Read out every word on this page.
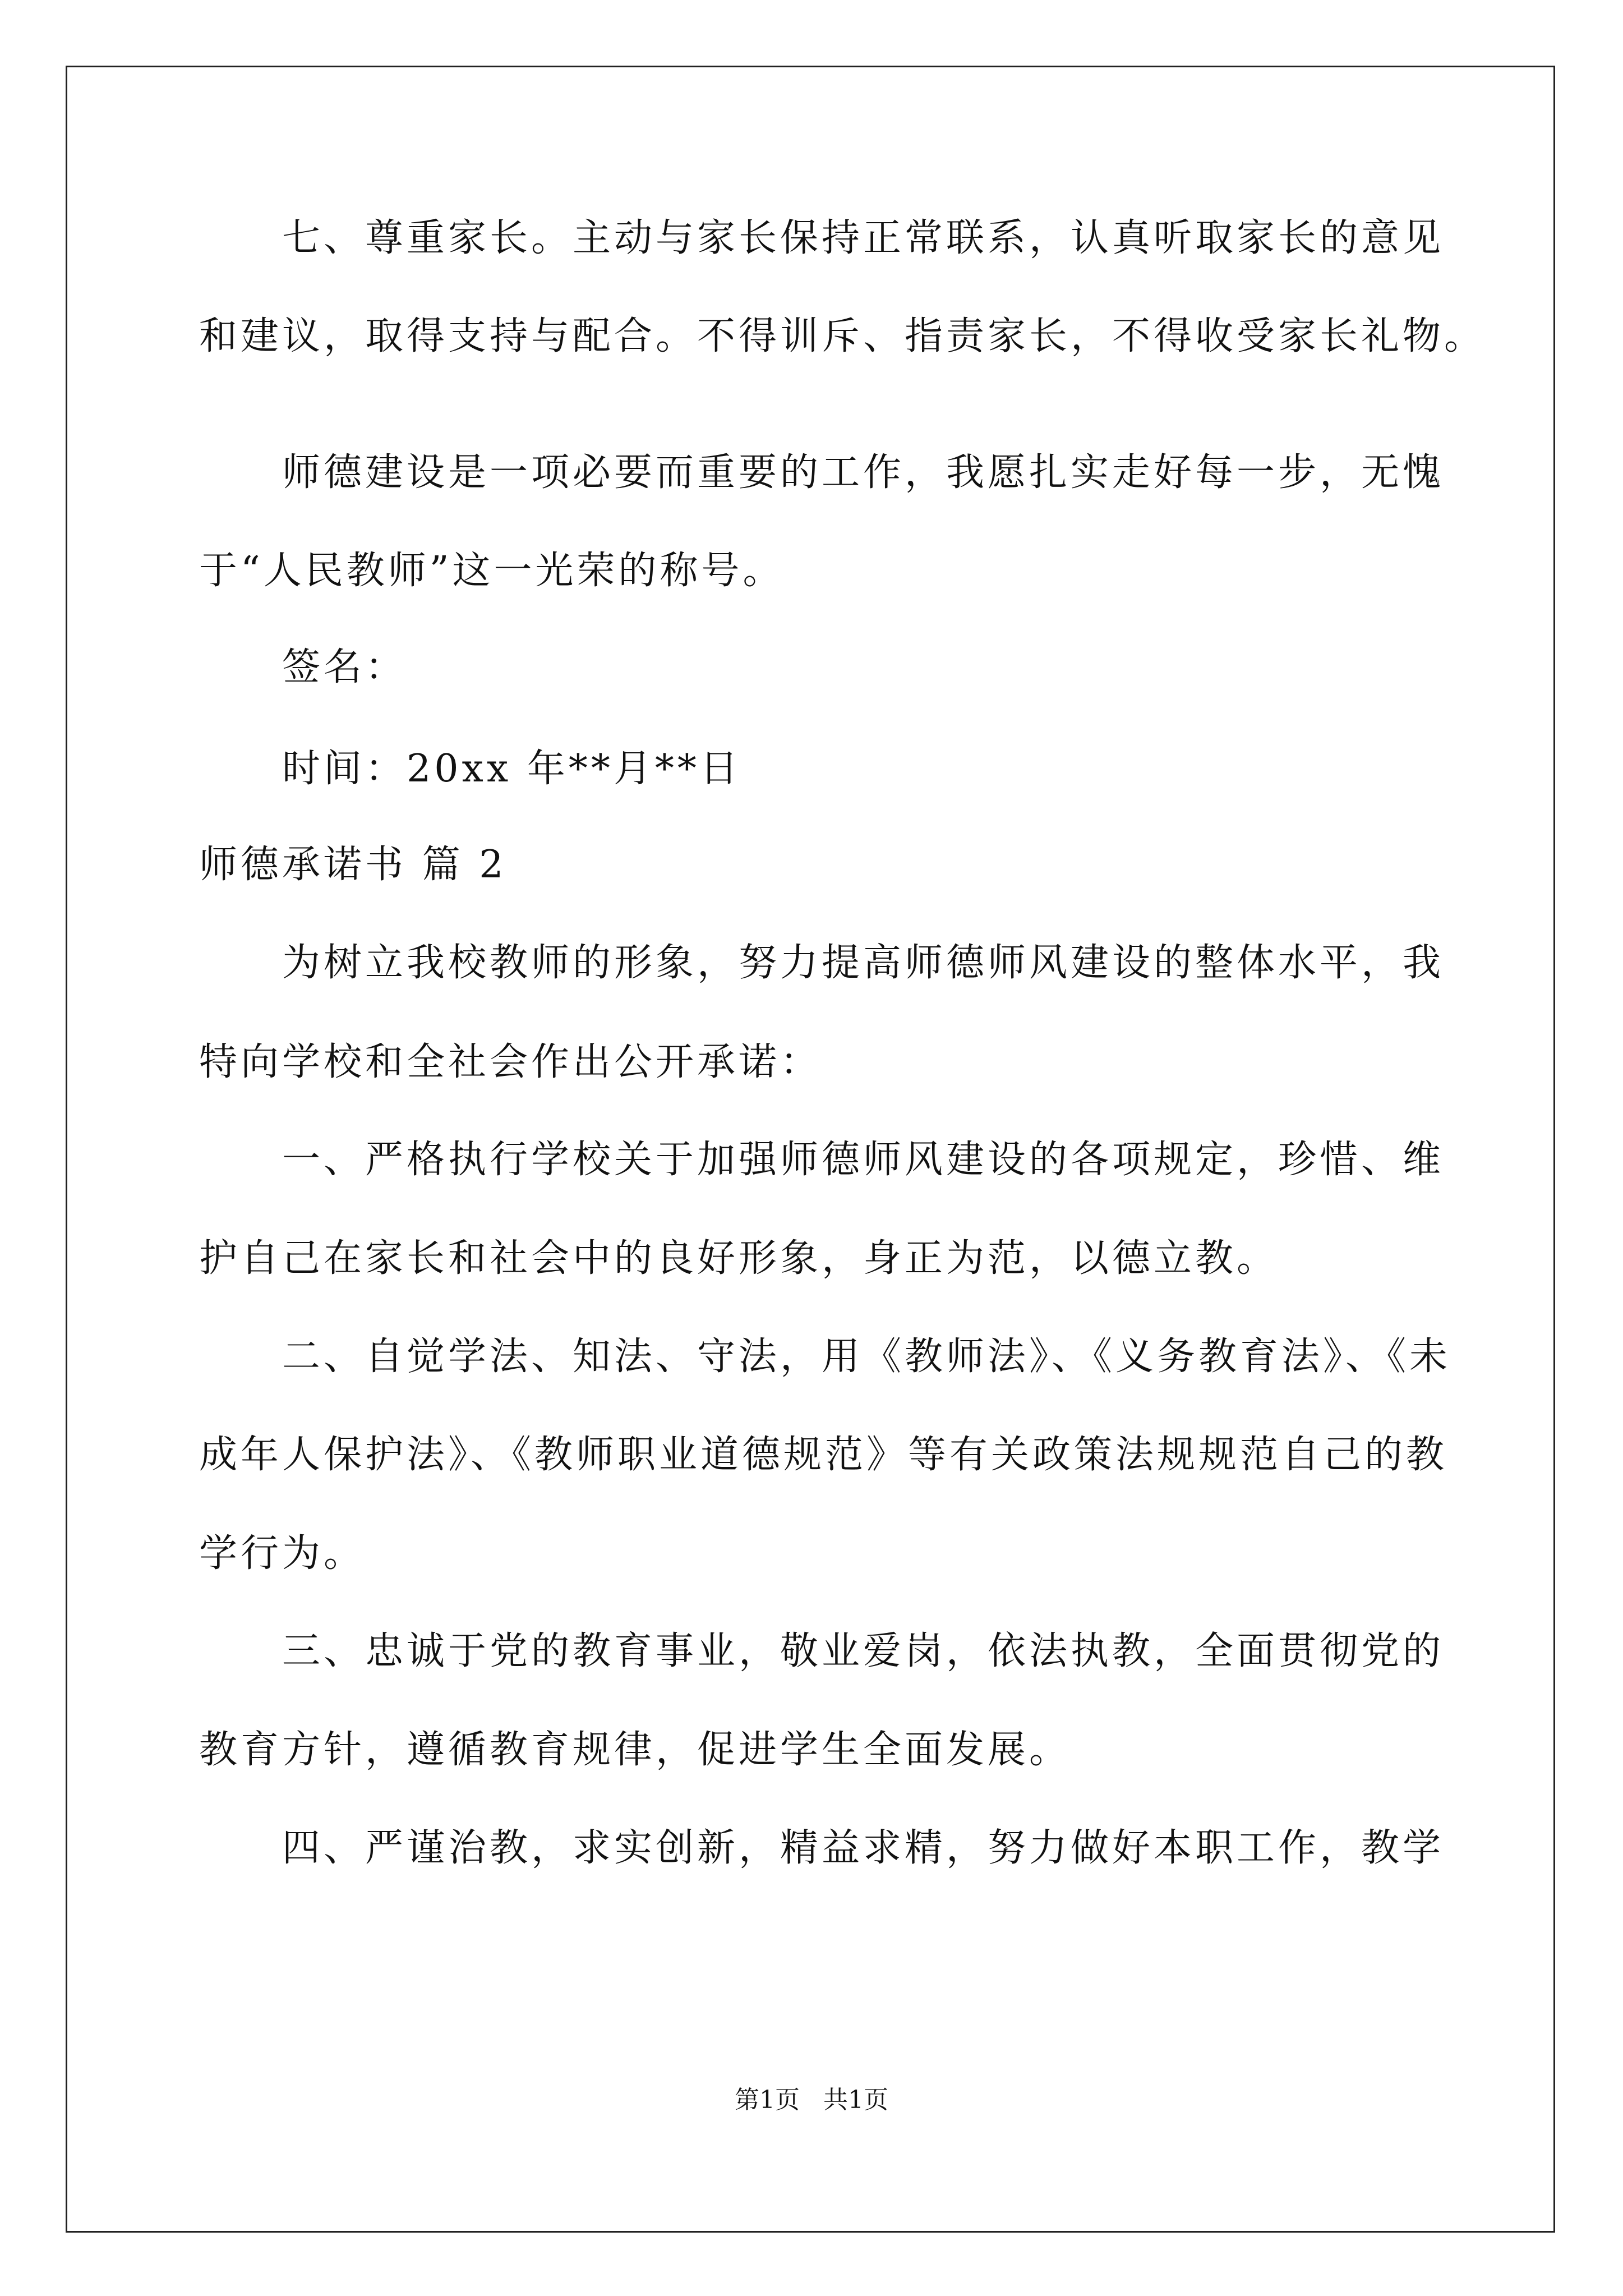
七、尊重家长。主动与家长保持正常联系，认真听取家长的意见
和建议，取得支持与配合。不得训斥、指责家长，不得收受家长礼物。
师德建设是一项必要而重要的工作，我愿扎实走好每一步，无愧
于“人民教师”这一光荣的称号。
签名：
时间：20xx 年**月**日
师德承诺书 篇 2
为树立我校教师的形象，努力提高师德师风建设的整体水平，我
特向学校和全社会作出公开承诺：
一、严格执行学校关于加强师德师风建设的各项规定，珍惜、维
护自己在家长和社会中的良好形象，身正为范，以德立教。
二、自觉学法、知法、守法，用《教师法》、《义务教育法》、《未
成年人保护法》、《教师职业道德规范》等有关政策法规规范自己的教
学行为。
三、忠诚于党的教育事业，敬业爱岗，依法执教，全面贯彻党的
教育方针，遵循教育规律，促进学生全面发展。
四、严谨治教，求实创新，精益求精，努力做好本职工作，教学
第1页   共1页
